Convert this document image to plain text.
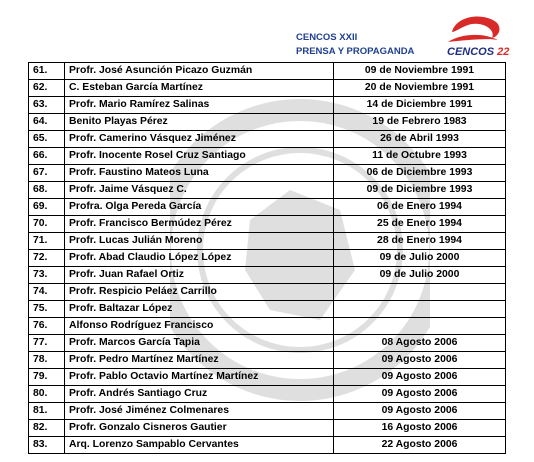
CENCOS XXII
PRENSA Y PROPAGANDA	CENCOS 22
61.	Profr. José Asunción Picazo Guzmán	09 de Noviembre 1991
62.	C. Esteban García Martínez	20 de Noviembre 1991
63.	Profr. Mario Ramírez Salinas	14 de Diciembre 1991
64.	Benito Playas Pérez	19 de Febrero 1983
65.	Profr. Camerino Vásquez Jiménez	26 de Abril 1993
66.	Profr. Inocente Rosel Cruz Santiago	11 de Octubre 1993
67.	Profr. Faustino Mateos Luna	06 de Diciembre 1993
68.	Profr. Jaime Vásquez C.	09 de Diciembre 1993
69.	Profra. Olga Pereda García	06 de Enero 1994
70.	Profr. Francisco Bermúdez Pérez	25 de Enero 1994
71.	Profr. Lucas Julián Moreno	28 de Enero 1994
72.	Profr. Abad Claudio López López	09 de Julio 2000
73.	Profr. Juan Rafael Ortiz	09 de Julio 2000
74.	Profr. Respicio Peláez Carrillo	
75.	Profr. Baltazar López	
76.	Alfonso Rodríguez Francisco	
77.	Profr. Marcos García Tapia	08 Agosto 2006
78.	Profr. Pedro Martínez Martínez	09 Agosto 2006
79.	Profr. Pablo Octavio Martínez Martínez	09 Agosto 2006
80.	Profr. Andrés Santiago Cruz	09 Agosto 2006
81.	Profr. José Jiménez Colmenares	09 Agosto 2006
82.	Profr. Gonzalo Cisneros Gautier	16 Agosto 2006
83.	Arq. Lorenzo Sampablo Cervantes	22 Agosto 2006
